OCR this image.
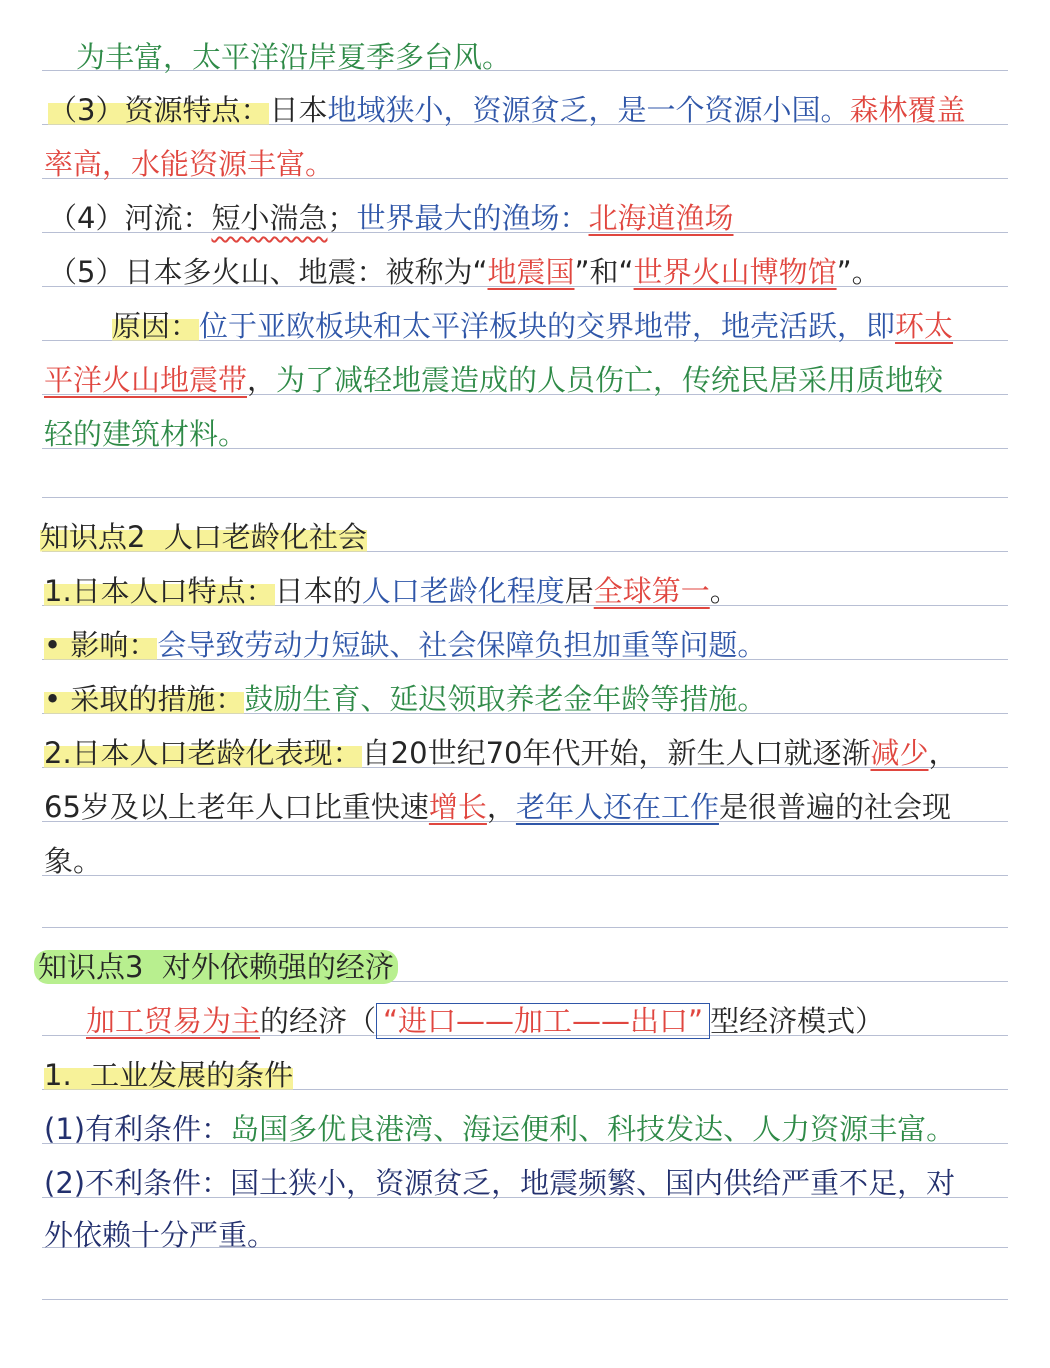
为丰富，太平洋沿岸夏季多台风。
（3）资源特点：日本地域狭小，资源贫乏，是一个资源小国。森林覆盖
率高，水能资源丰富。
（4）河流：短小湍急；世界最大的渔场：北海道渔场
（5）日本多火山、地震：被称为“地震国”和“世界火山博物馆”。
原因：位于亚欧板块和太平洋板块的交界地带，地壳活跃，即环太
平洋火山地震带，为了减轻地震造成的人员伤亡，传统民居采用质地较
轻的建筑材料。
知识点2  人口老龄化社会
1.日本人口特点：日本的人口老龄化程度居全球第一。
• 影响：会导致劳动力短缺、社会保障负担加重等问题。
• 采取的措施：鼓励生育、延迟领取养老金年龄等措施。
2.日本人口老龄化表现：自20世纪70年代开始，新生人口就逐渐减少，
65岁及以上老年人口比重快速增长，老年人还在工作是很普遍的社会现
象。
知识点3  对外依赖强的经济
加工贸易为主的经济（ “进口——加工——出口” 型经济模式）
1.  工业发展的条件
(1)有利条件：岛国多优良港湾、海运便利、科技发达、人力资源丰富。
(2)不利条件：国土狭小，资源贫乏，地震频繁、国内供给严重不足，对
外依赖十分严重。
